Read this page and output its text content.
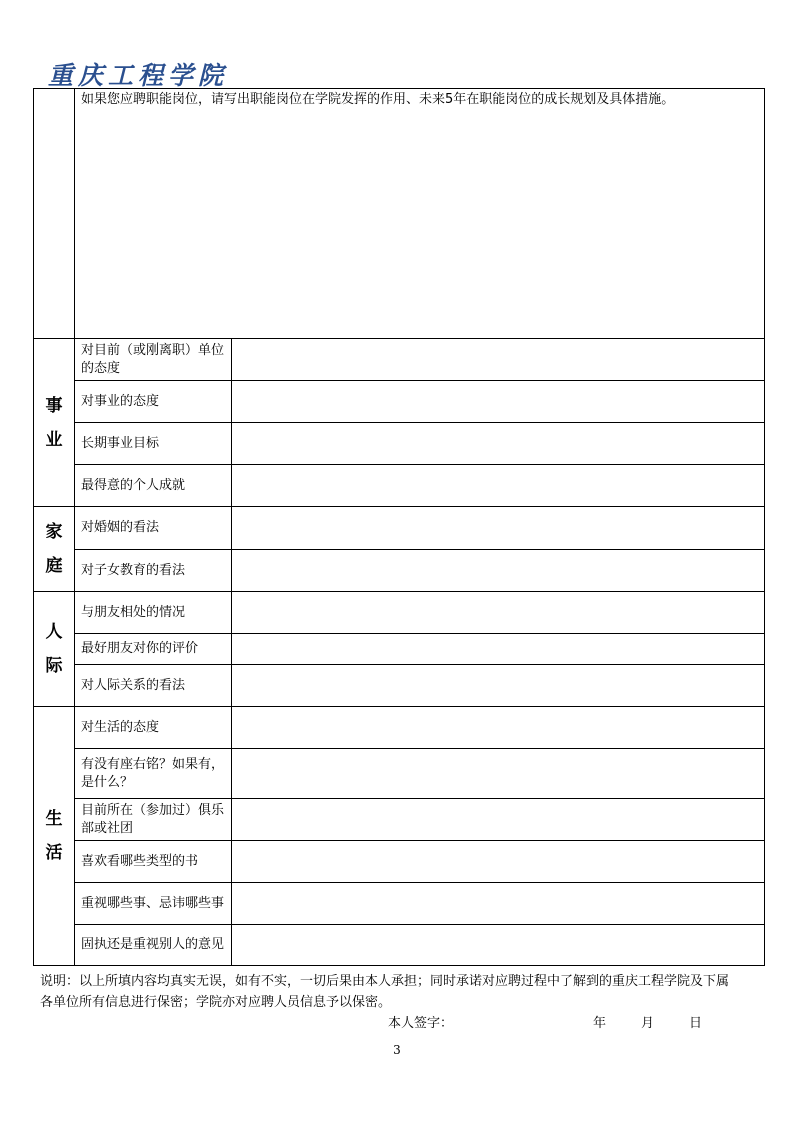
重庆工程学院
	如果您应聘职能岗位，请写出职能岗位在学院发挥的作用、未来5年在职能岗位的成长规划及具体措施。	

事
业	对目前（或刚离职）单位的态度	
	对事业的态度	
	长期事业目标	
	最得意的个人成就	

家
庭	对婚姻的看法	
	对子女教育的看法	

人
际	与朋友相处的情况	
	最好朋友对你的评价	
	对人际关系的看法	

生
活	对生活的态度	
	有没有座右铭？如果有，是什么？	
	目前所在（参加过）俱乐部或社团	
	喜欢看哪些类型的书	
	重视哪些事、忌讳哪些事	
	固执还是重视别人的意见	

说明：以上所填内容均真实无误，如有不实，一切后果由本人承担；同时承诺对应聘过程中了解到的重庆工程学院及下属各单位所有信息进行保密；学院亦对应聘人员信息予以保密。

本人签字：	年	月	日
3
